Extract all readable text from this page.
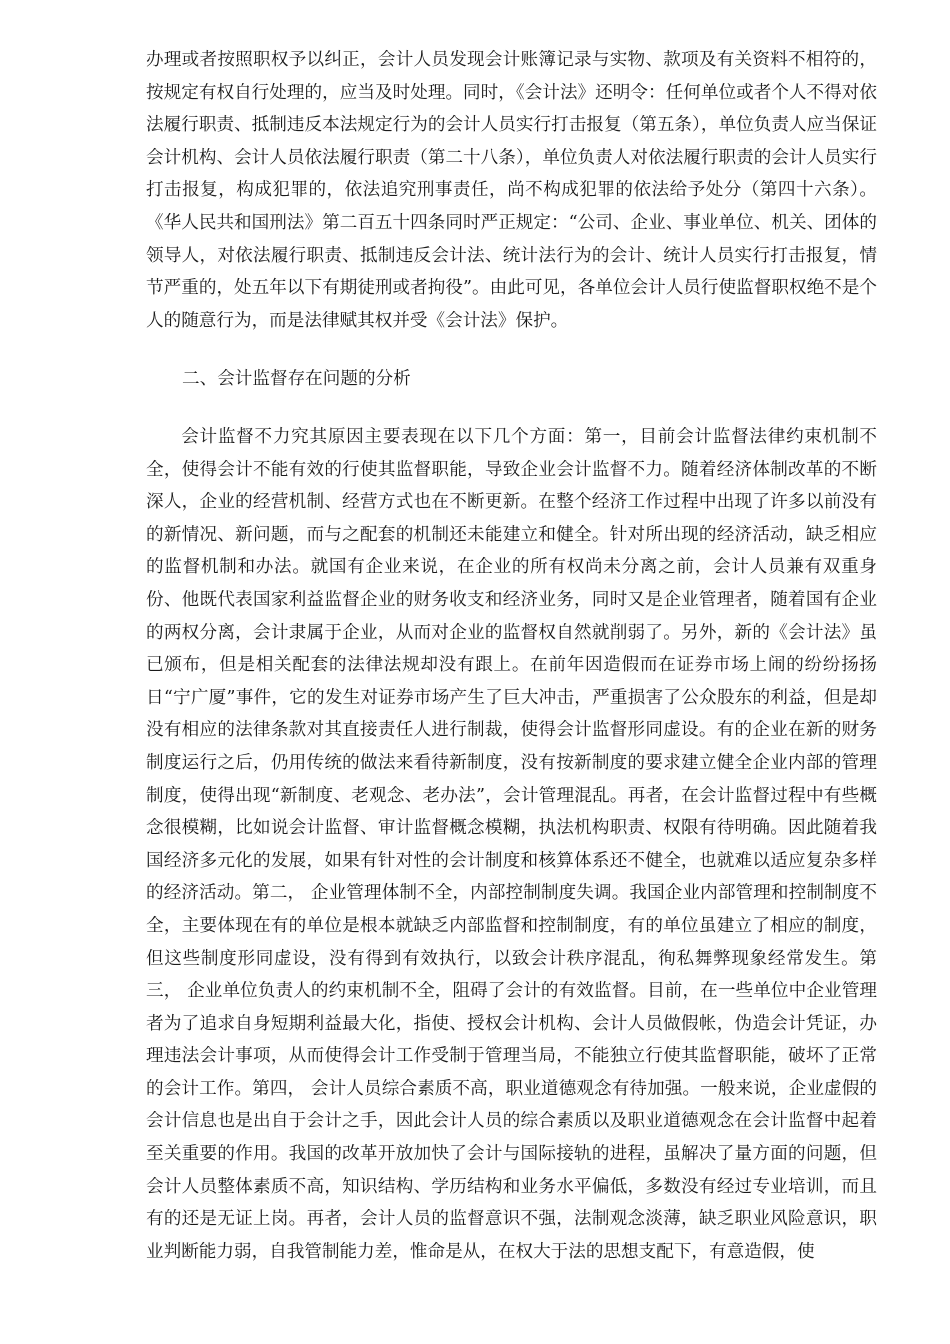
办理或者按照职权予以纠正，会计人员发现会计账簿记录与实物、款项及有关资料不相符的，按规定有权自行处理的，应当及时处理。同时，《会计法》还明令：任何单位或者个人不得对依法履行职责、抵制违反本法规定行为的会计人员实行打击报复（第五条），单位负责人应当保证会计机构、会计人员依法履行职责（第二十八条），单位负责人对依法履行职责的会计人员实行打击报复，构成犯罪的，依法追究刑事责任，尚不构成犯罪的依法给予处分（第四十六条）。《华人民共和国刑法》第二百五十四条同时严正规定：“公司、企业、事业单位、机关、团体的领导人，对依法履行职责、抵制违反会计法、统计法行为的会计、统计人员实行打击报复，情节严重的，处五年以下有期徒刑或者拘役”。由此可见，各单位会计人员行使监督职权绝不是个人的随意行为，而是法律赋其权并受《会计法》保护。

二、会计监督存在问题的分析

会计监督不力究其原因主要表现在以下几个方面：第一，目前会计监督法律约束机制不全，使得会计不能有效的行使其监督职能，导致企业会计监督不力。随着经济体制改革的不断深人，企业的经营机制、经营方式也在不断更新。在整个经济工作过程中出现了许多以前没有的新情况、新问题，而与之配套的机制还未能建立和健全。针对所出现的经济活动，缺乏相应的监督机制和办法。就国有企业来说，在企业的所有权尚未分离之前，会计人员兼有双重身份、他既代表国家利益监督企业的财务收支和经济业务，同时又是企业管理者，随着国有企业的两权分离，会计隶属于企业，从而对企业的监督权自然就削弱了。另外，新的《会计法》虽已颁布，但是相关配套的法律法规却没有跟上。在前年因造假而在证券市场上闹的纷纷扬扬日“宁广厦”事件，它的发生对证券市场产生了巨大冲击，严重损害了公众股东的利益，但是却没有相应的法律条款对其直接责任人进行制裁，使得会计监督形同虚设。有的企业在新的财务制度运行之后，仍用传统的做法来看待新制度，没有按新制度的要求建立健全企业内部的管理制度，使得出现“新制度、老观念、老办法”，会计管理混乱。再者，在会计监督过程中有些概念很模糊，比如说会计监督、审计监督概念模糊，执法机构职责、权限有待明确。因此随着我国经济多元化的发展，如果有针对性的会计制度和核算体系还不健全，也就难以适应复杂多样的经济活动。第二， 企业管理体制不全，内部控制制度失调。我国企业内部管理和控制制度不全，主要体现在有的单位是根本就缺乏内部监督和控制制度，有的单位虽建立了相应的制度，但这些制度形同虚设，没有得到有效执行，以致会计秩序混乱，徇私舞弊现象经常发生。第三， 企业单位负责人的约束机制不全，阻碍了会计的有效监督。目前，在一些单位中企业管理者为了追求自身短期利益最大化，指使、授权会计机构、会计人员做假帐，伪造会计凭证，办理违法会计事项，从而使得会计工作受制于管理当局，不能独立行使其监督职能，破坏了正常的会计工作。第四， 会计人员综合素质不高，职业道德观念有待加强。一般来说，企业虚假的会计信息也是出自于会计之手，因此会计人员的综合素质以及职业道德观念在会计监督中起着至关重要的作用。我国的改革开放加快了会计与国际接轨的进程，虽解决了量方面的问题，但会计人员整体素质不高，知识结构、学历结构和业务水平偏低，多数没有经过专业培训，而且有的还是无证上岗。再者，会计人员的监督意识不强，法制观念淡薄，缺乏职业风险意识，职业判断能力弱，自我管制能力差，惟命是从，在权大于法的思想支配下，有意造假，使
